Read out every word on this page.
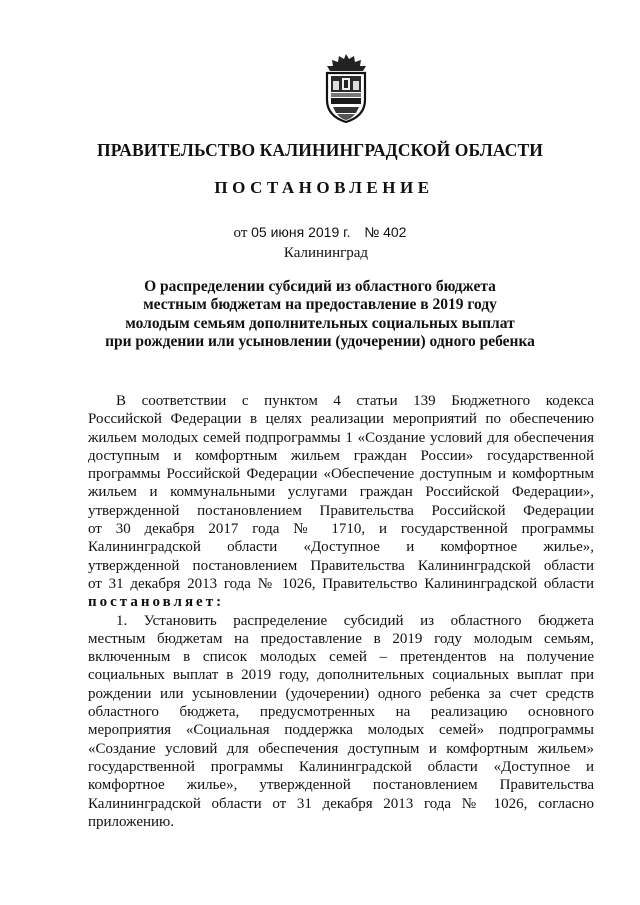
ПРАВИТЕЛЬСТВО КАЛИНИНГРАДСКОЙ ОБЛАСТИ
ПОСТАНОВЛЕНИЕ
от 05 июня 2019 г. № 402
Калининград
О распределении субсидий из областного бюджета
местным бюджетам на предоставление в 2019 году
молодым семьям дополнительных социальных выплат
при рождении или усыновлении (удочерении) одного ребенка
В соответствии с пунктом 4 статьи 139 Бюджетного кодекса
Российской Федерации в целях реализации мероприятий по обеспечению
жильем молодых семей подпрограммы 1 «Создание условий для обеспечения
доступным и комфортным жильем граждан России» государственной
программы Российской Федерации «Обеспечение доступным и комфортным
жильем и коммунальными услугами граждан Российской Федерации»,
утвержденной постановлением Правительства Российской Федерации
от 30 декабря 2017 года № 1710, и государственной программы
Калининградской области «Доступное и комфортное жилье»,
утвержденной постановлением Правительства Калининградской области
от 31 декабря 2013 года № 1026, Правительство Калининградской области
постановляет:
1. Установить распределение субсидий из областного бюджета
местным бюджетам на предоставление в 2019 году молодым семьям,
включенным в список молодых семей – претендентов на получение
социальных выплат в 2019 году, дополнительных социальных выплат при
рождении или усыновлении (удочерении) одного ребенка за счет средств
областного бюджета, предусмотренных на реализацию основного
мероприятия «Социальная поддержка молодых семей» подпрограммы
«Создание условий для обеспечения доступным и комфортным жильем»
государственной программы Калининградской области «Доступное и
комфортное жилье», утвержденной постановлением Правительства
Калининградской области от 31 декабря 2013 года № 1026, согласно
приложению.
